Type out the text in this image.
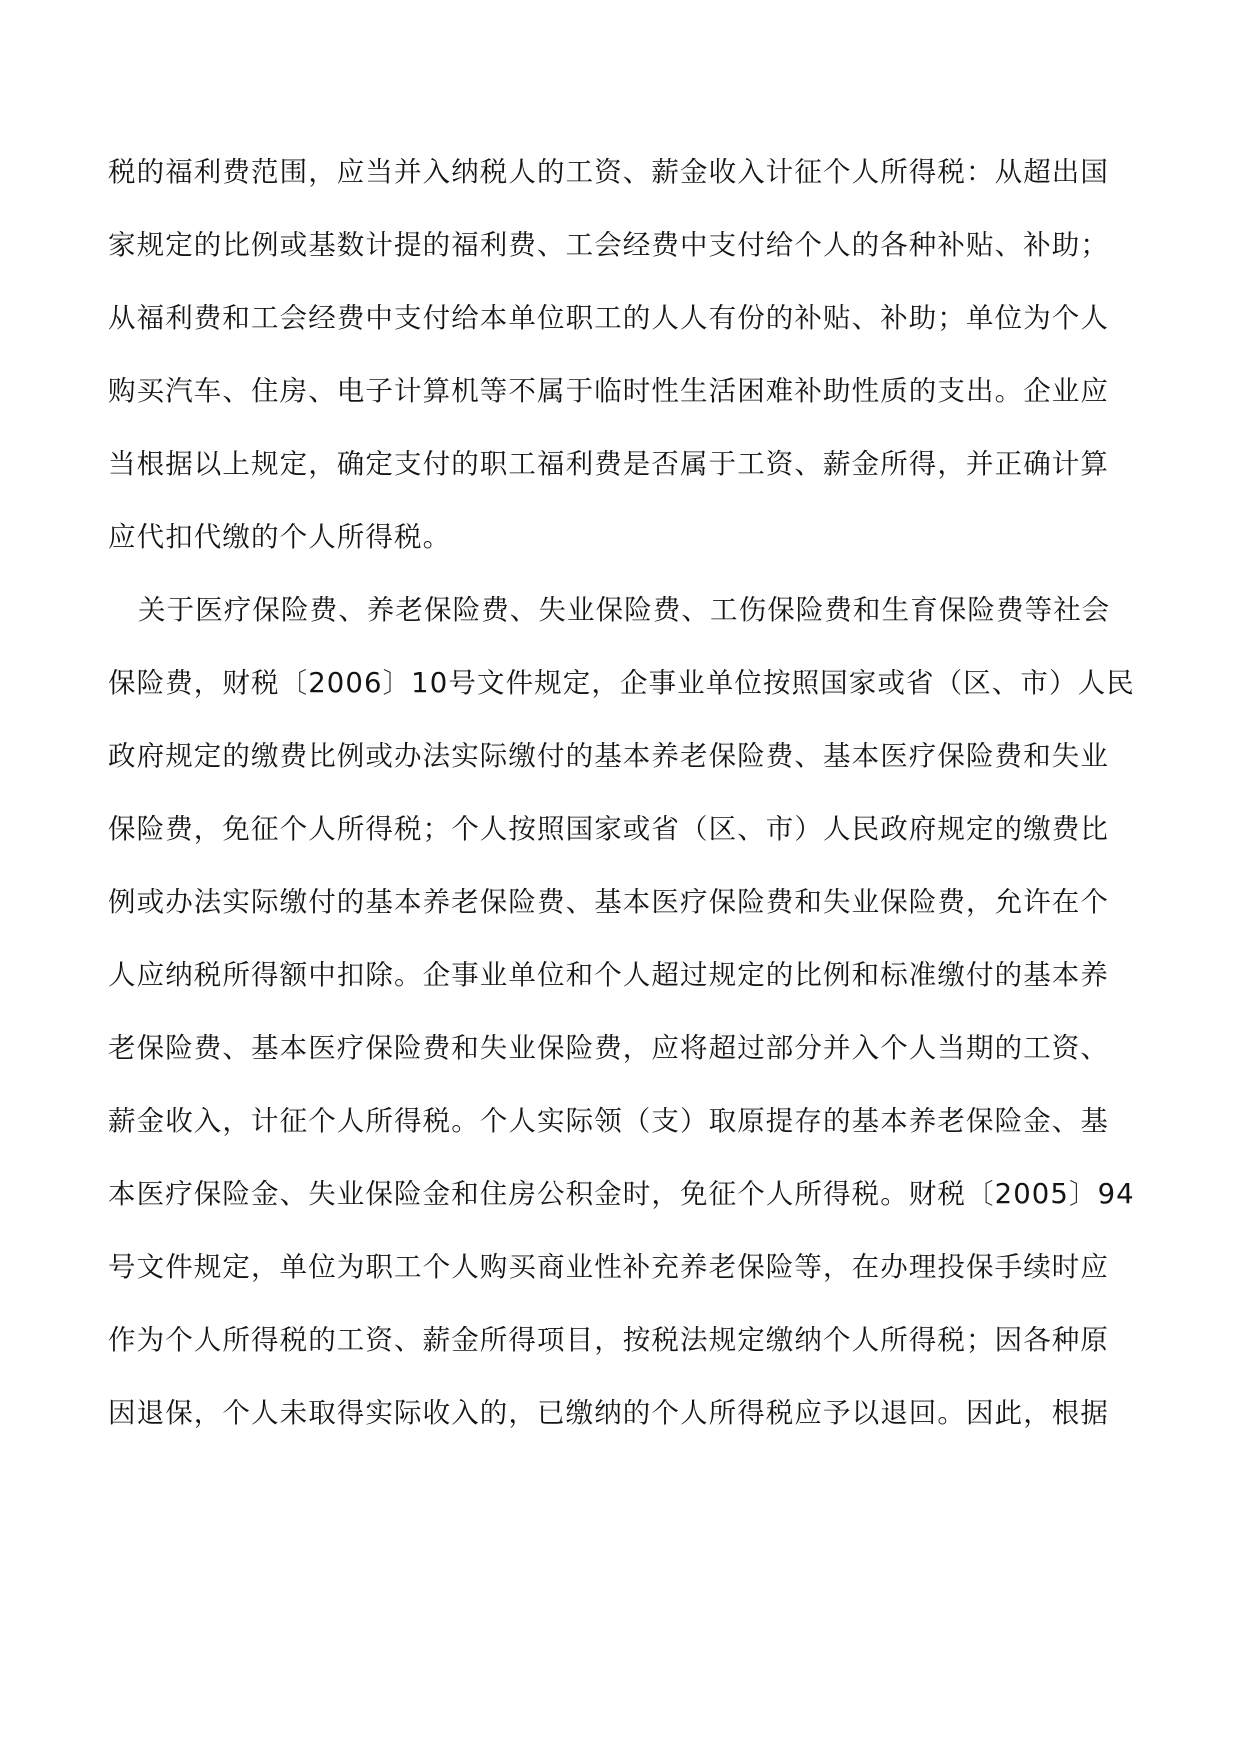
税的福利费范围，应当并入纳税人的工资、薪金收入计征个人所得税：从超出国
家规定的比例或基数计提的福利费、工会经费中支付给个人的各种补贴、补助；
从福利费和工会经费中支付给本单位职工的人人有份的补贴、补助；单位为个人
购买汽车、住房、电子计算机等不属于临时性生活困难补助性质的支出。企业应
当根据以上规定，确定支付的职工福利费是否属于工资、薪金所得，并正确计算
应代扣代缴的个人所得税。
关于医疗保险费、养老保险费、失业保险费、工伤保险费和生育保险费等社会
保险费，财税〔2006〕10号文件规定，企事业单位按照国家或省（区、市）人民
政府规定的缴费比例或办法实际缴付的基本养老保险费、基本医疗保险费和失业
保险费，免征个人所得税；个人按照国家或省（区、市）人民政府规定的缴费比
例或办法实际缴付的基本养老保险费、基本医疗保险费和失业保险费，允许在个
人应纳税所得额中扣除。企事业单位和个人超过规定的比例和标准缴付的基本养
老保险费、基本医疗保险费和失业保险费，应将超过部分并入个人当期的工资、
薪金收入，计征个人所得税。个人实际领（支）取原提存的基本养老保险金、基
本医疗保险金、失业保险金和住房公积金时，免征个人所得税。财税〔2005〕94
号文件规定，单位为职工个人购买商业性补充养老保险等，在办理投保手续时应
作为个人所得税的工资、薪金所得项目，按税法规定缴纳个人所得税；因各种原
因退保，个人未取得实际收入的，已缴纳的个人所得税应予以退回。因此，根据
